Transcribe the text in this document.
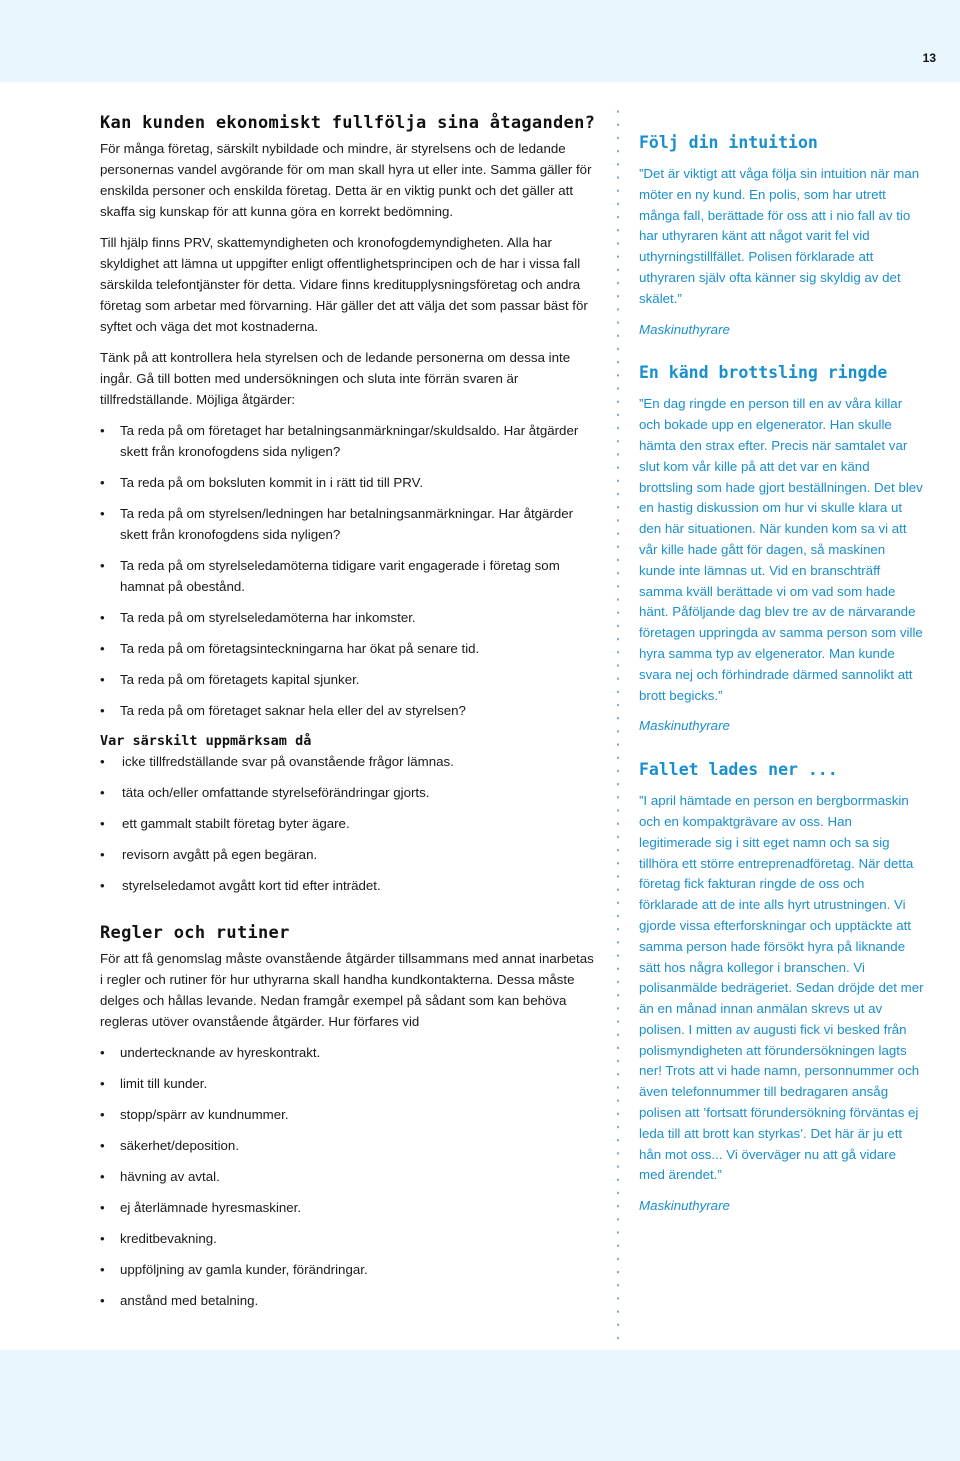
13
Kan kunden ekonomiskt fullfölja sina åtaganden?

För många företag, särskilt nybildade och mindre, är styrelsens och de ledande personernas vandel avgörande för om man skall hyra ut eller inte. Samma gäller för enskilda personer och enskilda företag. Detta är en viktig punkt och det gäller att skaffa sig kunskap för att kunna göra en korrekt bedömning.

Till hjälp finns PRV, skattemyndigheten och kronofogdemyndigheten. Alla har skyldighet att lämna ut uppgifter enligt offentlighetsprincipen och de har i vissa fall särskilda telefontjänster för detta. Vidare finns kreditupplysningsföretag och andra företag som arbetar med förvarning. Här gäller det att välja det som passar bäst för syftet och väga det mot kostnaderna.

Tänk på att kontrollera hela styrelsen och de ledande personerna om dessa inte ingår. Gå till botten med undersökningen och sluta inte förrän svaren är tillfredställande. Möjliga åtgärder:

• Ta reda på om företaget har betalningsanmärkningar/skuldsaldo. Har åtgärder skett från kronofogdens sida nyligen?
• Ta reda på om boksluten kommit in i rätt tid till PRV.
• Ta reda på om styrelsen/ledningen har betalningsanmärkningar. Har åtgärder skett från kronofogdens sida nyligen?
• Ta reda på om styrelseledamöterna tidigare varit engagerade i företag som hamnat på obestånd.
• Ta reda på om styrelseledamöterna har inkomster.
• Ta reda på om företagsinteckningarna har ökat på senare tid.
• Ta reda på om företagets kapital sjunker.
• Ta reda på om företaget saknar hela eller del av styrelsen?
Var särskilt uppmärksam då
• icke tillfredställande svar på ovanstående frågor lämnas.
• täta och/eller omfattande styrelseförändringar gjorts.
• ett gammalt stabilt företag byter ägare.
• revisorn avgått på egen begäran.
• styrelseledamot avgått kort tid efter inträdet.
Regler och rutiner

För att få genomslag måste ovanstående åtgärder tillsammans med annat inarbetas i regler och rutiner för hur uthyrarna skall handha kundkontakterna. Dessa måste delges och hållas levande. Nedan framgår exempel på sådant som kan behöva regleras utöver ovanstående åtgärder. Hur förfares vid

• undertecknande av hyreskontrakt.
• limit till kunder.
• stopp/spärr av kundnummer.
• säkerhet/deposition.
• hävning av avtal.
• ej återlämnade hyresmaskiner.
• kreditbevakning.
• uppföljning av gamla kunder, förändringar.
• anstånd med betalning.
Följ din intuition

”Det är viktigt att våga följa sin intuition när man möter en ny kund. En polis, som har utrett många fall, berättade för oss att i nio fall av tio har uthyraren känt att något varit fel vid uthyrningstillfället. Polisen förklarade att uthyraren själv ofta känner sig skyldig av det skälet.”

Maskinuthyrare

En känd brottsling ringde

”En dag ringde en person till en av våra killar och bokade upp en elgenerator. Han skulle hämta den strax efter. Precis när samtalet var slut kom vår kille på att det var en känd brottsling som hade gjort beställningen. Det blev en hastig diskussion om hur vi skulle klara ut den här situationen. När kunden kom sa vi att vår kille hade gått för dagen, så maskinen kunde inte lämnas ut. Vid en branschträff samma kväll berättade vi om vad som hade hänt. Påföljande dag blev tre av de närvarande företagen uppringda av samma person som ville hyra samma typ av elgenerator. Man kunde svara nej och förhindrade därmed sannolikt att brott begicks.”

Maskinuthyrare

Fallet lades ner ...

”I april hämtade en person en bergborrmaskin och en kompaktgrävare av oss. Han legitimerade sig i sitt eget namn och sa sig tillhöra ett större entreprenadföretag. När detta företag fick fakturan ringde de oss och förklarade att de inte alls hyrt utrustningen. Vi gjorde vissa efterforskningar och upptäckte att samma person hade försökt hyra på liknande sätt hos några kollegor i branschen. Vi polisanmälde bedrägeriet. Sedan dröjde det mer än en månad innan anmälan skrevs ut av polisen. I mitten av augusti fick vi besked från polismyndigheten att förundersökningen lagts ner! Trots att vi hade namn, personnummer och även telefonnummer till bedragaren ansåg polisen att ’fortsatt förundersökning förväntas ej leda till att brott kan styrkas’. Det här är ju ett hån mot oss... Vi överväger nu att gå vidare med ärendet.”

Maskinuthyrare
